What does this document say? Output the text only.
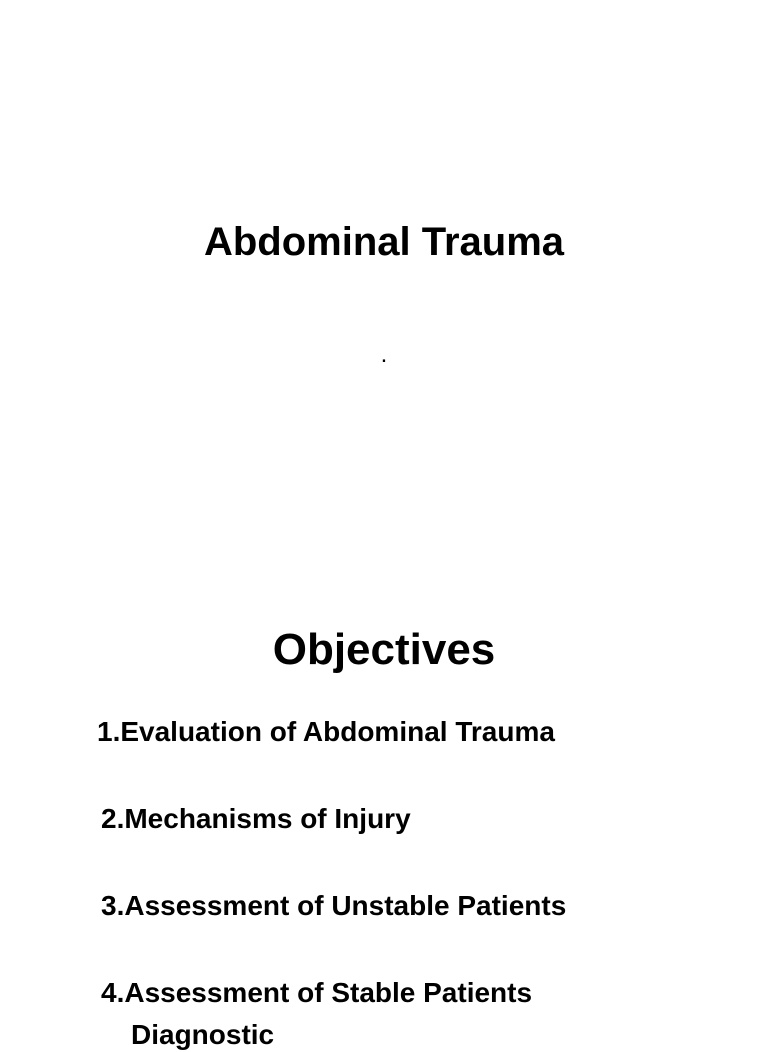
Abdominal Trauma
.
Objectives
1.Evaluation of Abdominal Trauma
2.Mechanisms of Injury
3.Assessment of Unstable Patients
4.Assessment of Stable Patients
Diagnostic
